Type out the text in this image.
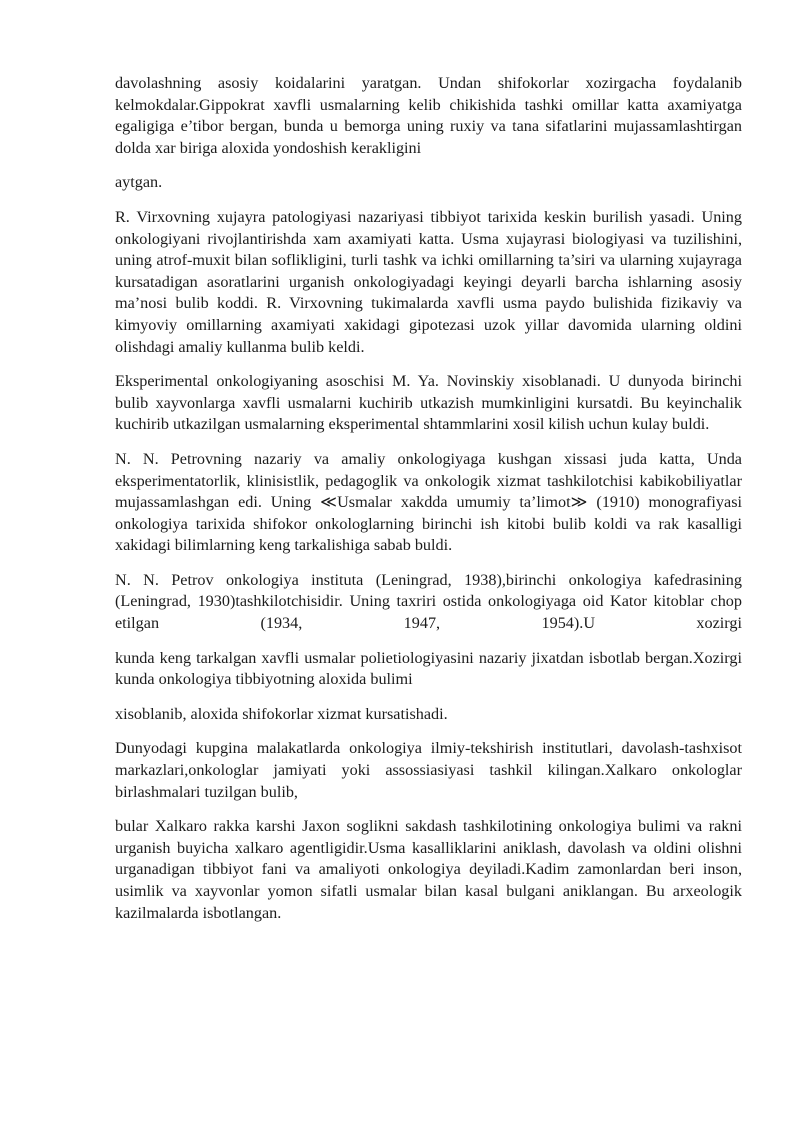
davolashning asosiy koidalarini yaratgan. Undan shifokorlar xozirgacha foydalanib kelmokdalar.Gippokrat xavfli usmalarning kelib chikishida tashki omillar katta axamiyatga egaligiga e’tibor bergan, bunda u bemorga uning ruxiy va tana sifatlarini mujassamlashtirgan dolda xar biriga aloxida yondoshish kerakligini

aytgan.

R. Virxovning xujayra patologiyasi nazariyasi tibbiyot tarixida keskin burilish yasadi. Uning onkologiyani rivojlantirishda xam axamiyati katta. Usma xujayrasi biologiyasi va tuzilishini, uning atrof-muxit bilan soflikligini, turli tashk va ichki omillarning ta’siri va ularning xujayraga kursatadigan asoratlarini urganish onkologiyadagi keyingi deyarli barcha ishlarning asosiy ma’nosi bulib koddi. R. Virxovning tukimalarda xavfli usma paydo bulishida fizikaviy va kimyoviy omillarning axamiyati xakidagi gipotezasi uzok yillar davomida ularning oldini olishdagi amaliy kullanma bulib keldi.

Eksperimental onkologiyaning asoschisi M. Ya. Novinskiy xisoblanadi. U dunyoda birinchi bulib xayvonlarga xavfli usmalarni kuchirib utkazish mumkinligini kursatdi. Bu keyinchalik kuchirib utkazilgan usmalarning eksperimental shtammlarini xosil kilish uchun kulay buldi.

N. N. Petrovning nazariy va amaliy onkologiyaga kushgan xissasi juda katta, Unda eksperimentatorlik, klinisistlik, pedagoglik va onkologik xizmat tashkilotchisi kabikobiliyatlar mujassamlashgan edi. Uning ≪Usmalar xakdda umumiy ta’limot≫ (1910) monografiyasi onkologiya tarixida shifokor onkologlarning birinchi ish kitobi bulib koldi va rak kasalligi xakidagi bilimlarning keng tarkalishiga sabab buldi.

N. N. Petrov onkologiya instituta (Leningrad, 1938),birinchi onkologiya kafedrasining (Leningrad, 1930)tashkilotchisidir. Uning taxriri ostida onkologiyaga oid Kator kitoblar chop etilgan (1934, 1947, 1954).U xozirgi

kunda keng tarkalgan xavfli usmalar polietiologiyasini nazariy jixatdan isbotlab bergan.Xozirgi kunda onkologiya tibbiyotning aloxida bulimi

xisoblanib, aloxida shifokorlar xizmat kursatishadi.

Dunyodagi kupgina malakatlarda onkologiya ilmiy-tekshirish institutlari, davolash-tashxisot markazlari,onkologlar jamiyati yoki assossiasiyasi tashkil kilingan.Xalkaro onkologlar birlashmalari tuzilgan bulib,

bular Xalkaro rakka karshi Jaxon soglikni sakdash tashkilotining onkologiya bulimi va rakni urganish buyicha xalkaro agentligidir.Usma kasalliklarini aniklash, davolash va oldini olishni urganadigan tibbiyot fani va amaliyoti onkologiya deyiladi.Kadim zamonlardan beri inson, usimlik va xayvonlar yomon sifatli usmalar bilan kasal bulgani aniklangan. Bu arxeologik kazilmalarda isbotlangan.
